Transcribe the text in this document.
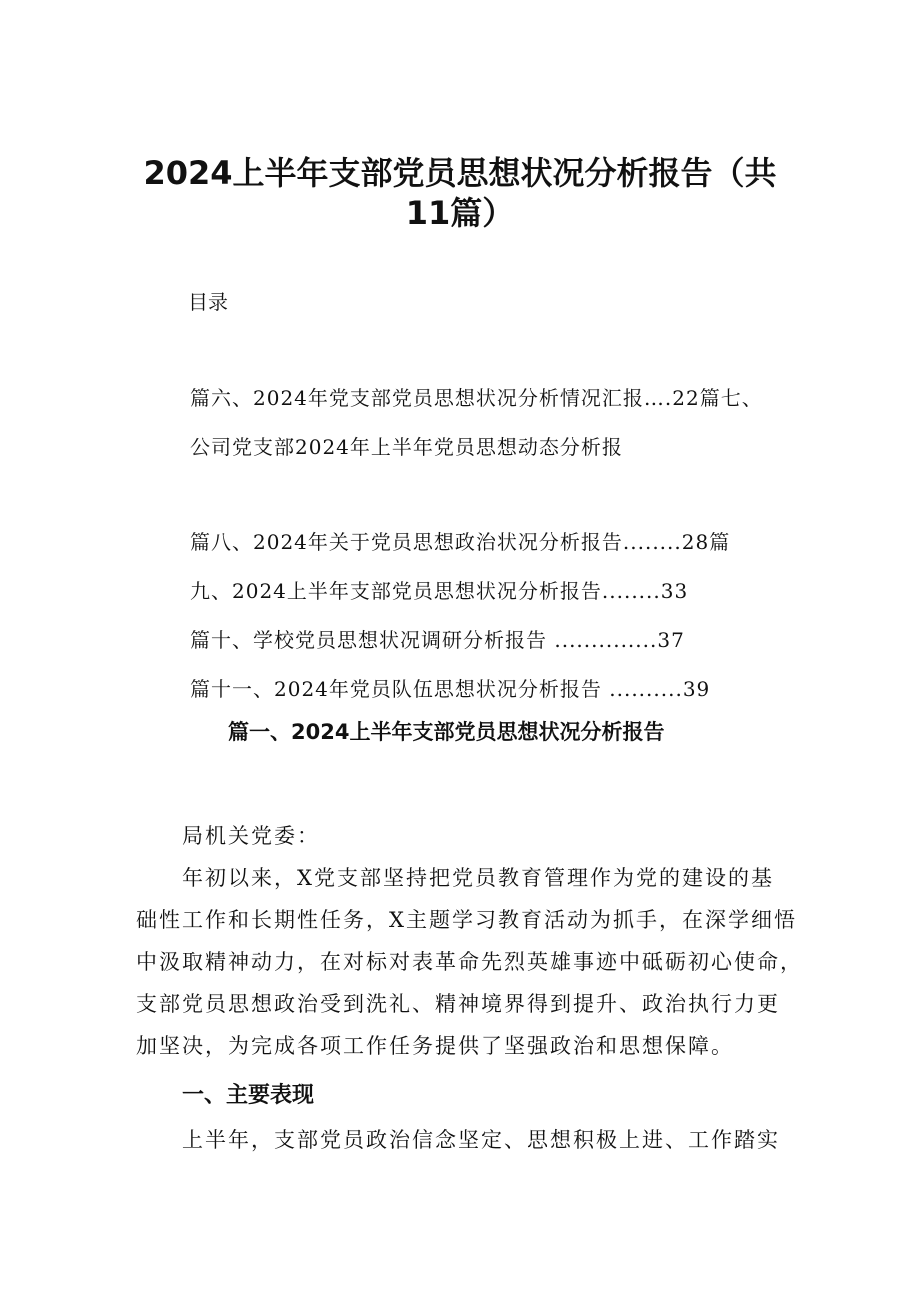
2024上半年支部党员思想状况分析报告（共
11篇）
目录
篇六、2024年党支部党员思想状况分析情况汇报….22篇七、
公司党支部2024年上半年党员思想动态分析报
篇八、2024年关于党员思想政治状况分析报告........28篇
九、2024上半年支部党员思想状况分析报告........33
篇十、学校党员思想状况调研分析报告 ..............37
篇十一、2024年党员队伍思想状况分析报告 ..........39
篇一、2024上半年支部党员思想状况分析报告
局机关党委：
年初以来，X党支部坚持把党员教育管理作为党的建设的基
础性工作和长期性任务，X主题学习教育活动为抓手，在深学细悟
中汲取精神动力，在对标对表革命先烈英雄事迹中砥砺初心使命，
支部党员思想政治受到洗礼、精神境界得到提升、政治执行力更
加坚决，为完成各项工作任务提供了坚强政治和思想保障。
一、主要表现
上半年，支部党员政治信念坚定、思想积极上进、工作踏实
